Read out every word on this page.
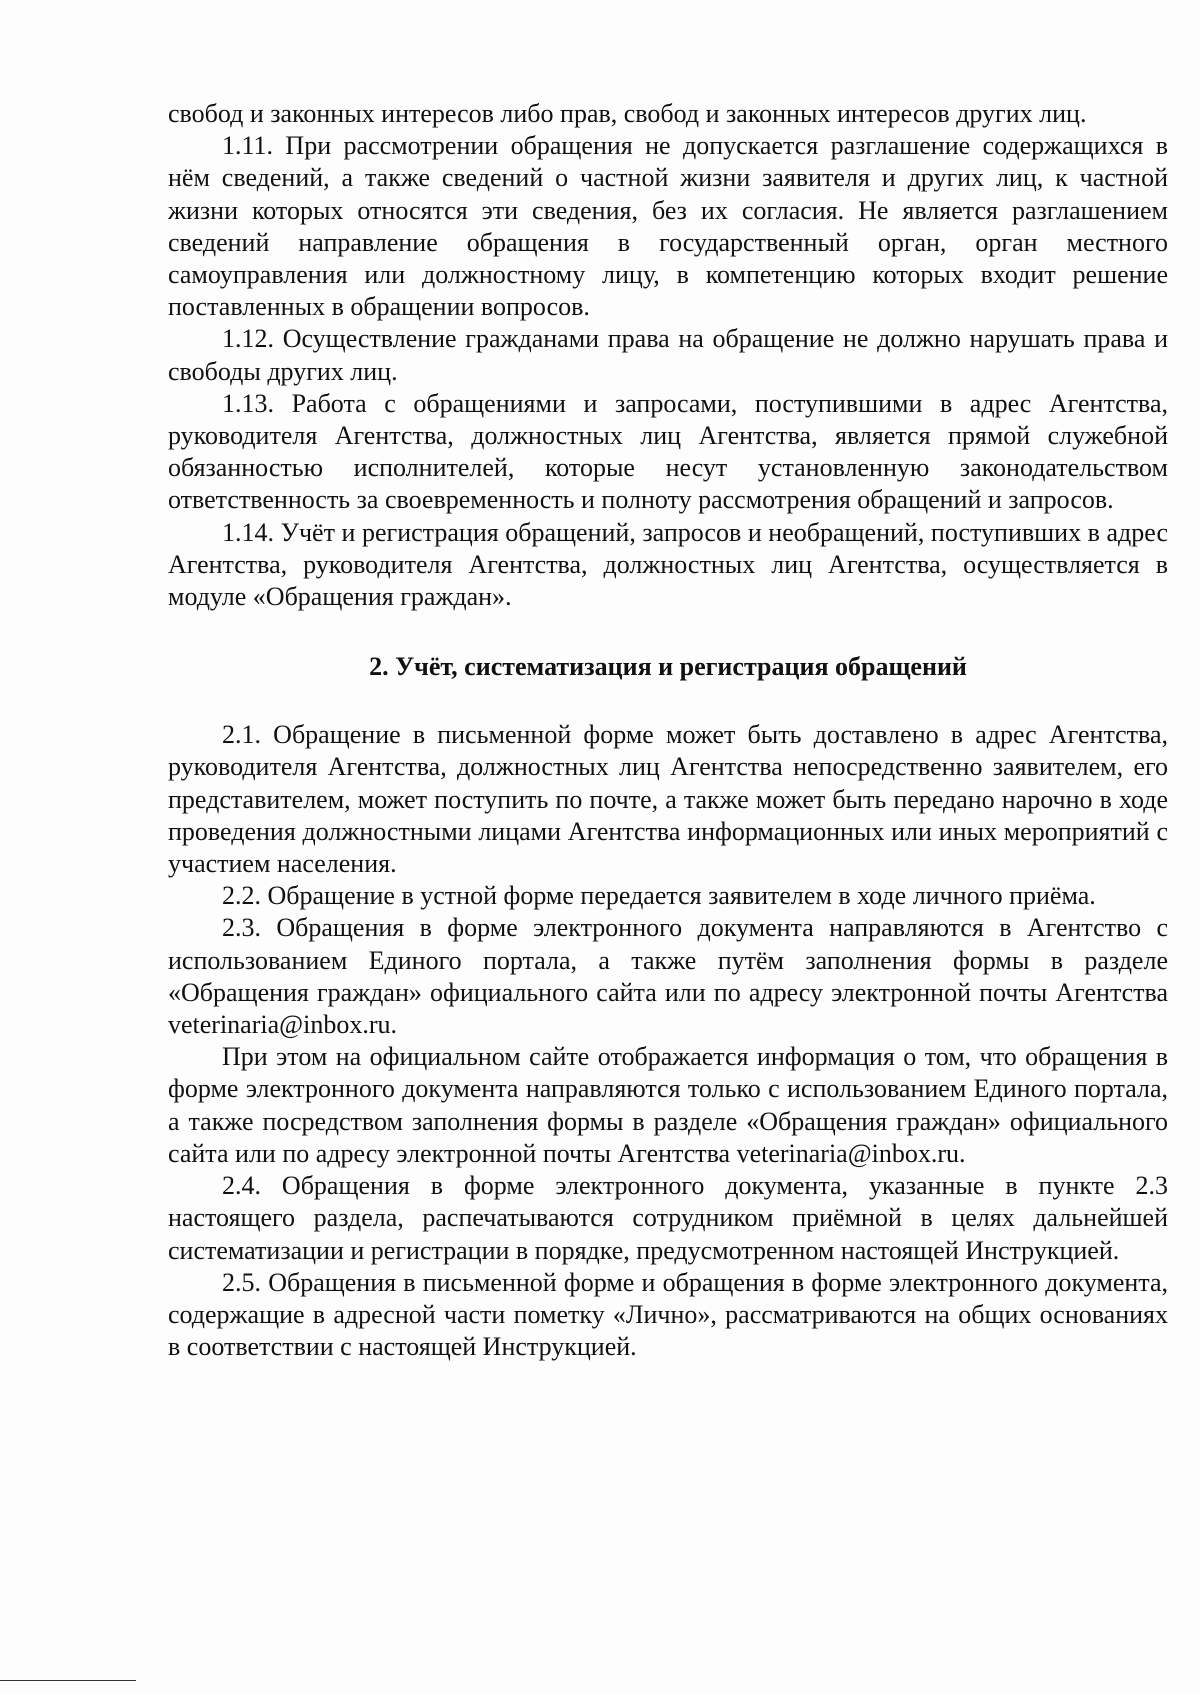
свобод и законных интересов либо прав, свобод и законных интересов других лиц.

1.11. При рассмотрении обращения не допускается разглашение содержащихся в нём сведений, а также сведений о частной жизни заявителя и других лиц, к частной жизни которых относятся эти сведения, без их согласия. Не является разглашением сведений направление обращения в государственный орган, орган местного самоуправления или должностному лицу, в компетенцию которых входит решение поставленных в обращении вопросов.

1.12. Осуществление гражданами права на обращение не должно нарушать права и свободы других лиц.

1.13. Работа с обращениями и запросами, поступившими в адрес Агентства, руководителя Агентства, должностных лиц Агентства, является прямой служебной обязанностью исполнителей, которые несут установленную законодательством ответственность за своевременность и полноту рассмотрения обращений и запросов.

1.14. Учёт и регистрация обращений, запросов и необращений, поступивших в адрес Агентства, руководителя Агентства, должностных лиц Агентства, осуществляется в модуле «Обращения граждан».

2. Учёт, систематизация и регистрация обращений

2.1. Обращение в письменной форме может быть доставлено в адрес Агентства, руководителя Агентства, должностных лиц Агентства непосредственно заявителем, его представителем, может поступить по почте, а также может быть передано нарочно в ходе проведения должностными лицами Агентства информационных или иных мероприятий с участием населения.

2.2. Обращение в устной форме передается заявителем в ходе личного приёма.

2.3. Обращения в форме электронного документа направляются в Агентство с использованием Единого портала, а также путём заполнения формы в разделе «Обращения граждан» официального сайта или по адресу электронной почты Агентства veterinaria@inbox.ru.

При этом на официальном сайте отображается информация о том, что обращения в форме электронного документа направляются только с использованием Единого портала, а также посредством заполнения формы в разделе «Обращения граждан» официального сайта или по адресу электронной почты Агентства veterinaria@inbox.ru.

2.4. Обращения в форме электронного документа, указанные в пункте 2.3 настоящего раздела, распечатываются сотрудником приёмной в целях дальнейшей систематизации и регистрации в порядке, предусмотренном настоящей Инструкцией.

2.5. Обращения в письменной форме и обращения в форме электронного документа, содержащие в адресной части пометку «Лично», рассматриваются на общих основаниях в соответствии с настоящей Инструкцией.
